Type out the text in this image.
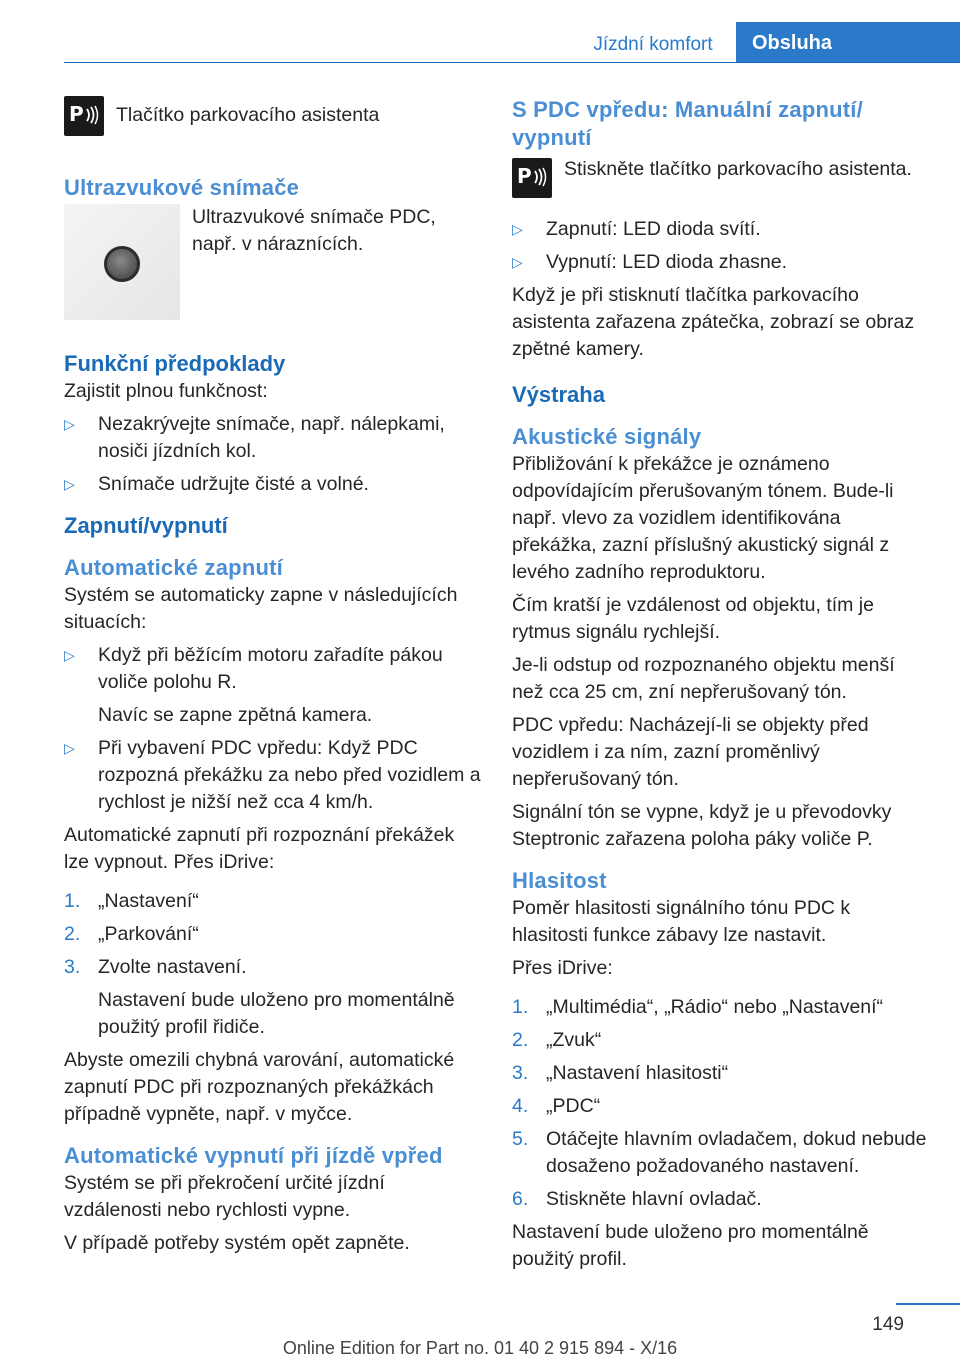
Jízdní komfort	Obsluha
P Tlačítko parkovacího asistenta

Ultrazvukové snímače

Ultrazvukové snímače PDC, např. v náraznících.

Funkční předpoklady

Zajistit plnou funkčnost:

▷	Nezakrývejte snímače, např. nálepkami, nosiči jízdních kol.
▷	Snímače udržujte čisté a volné.
Zapnutí/vypnutí
Automatické zapnutí

Systém se automaticky zapne v následujících situacích:

▷	Když při běžícím motoru zařadíte pákou voliče polohu R.
Navíc se zapne zpětná kamera.
▷	Při vybavení PDC vpředu: Když PDC rozpozná překážku za nebo před vozidlem a rychlost je nižší než cca 4 km/h.

Automatické zapnutí při rozpoznání překážek lze vypnout. Přes iDrive:

1. „Nastavení“
2. „Parkování“
3. Zvolte nastavení.
Nastavení bude uloženo pro momentálně použitý profil řidiče.

Abyste omezili chybná varování, automatické zapnutí PDC při rozpoznaných překážkách případně vypněte, např. v myčce.

Automatické vypnutí při jízdě vpřed

Systém se při překročení určité jízdní vzdálenosti nebo rychlosti vypne.

V případě potřeby systém opět zapněte.

S PDC vpředu: Manuální zapnutí/ vypnutí
P Stiskněte tlačítko parkovacího asistenta.

▷	Zapnutí: LED dioda svítí.
▷	Vypnutí: LED dioda zhasne.

Když je při stisknutí tlačítka parkovacího asistenta zařazena zpátečka, zobrazí se obraz zpětné kamery.

Výstraha
Akustické signály

Přibližování k překážce je oznámeno odpovídajícím přerušovaným tónem. Bude-li např. vlevo za vozidlem identifikována překážka, zazní příslušný akustický signál z levého zadního reproduktoru.

Čím kratší je vzdálenost od objektu, tím je rytmus signálu rychlejší.

Je-li odstup od rozpoznaného objektu menší než cca 25 cm, zní nepřerušovaný tón.

PDC vpředu: Nacházejí-li se objekty před vozidlem i za ním, zazní proměnlivý nepřerušovaný tón.

Signální tón se vypne, když je u převodovky Steptronic zařazena poloha páky voliče P.

Hlasitost

Poměr hlasitosti signálního tónu PDC k hlasitosti funkce zábavy lze nastavit.

Přes iDrive:

1. „Multimédia“, „Rádio“ nebo „Nastavení“
2. „Zvuk“
3. „Nastavení hlasitosti“
4. „PDC“
5. Otáčejte hlavním ovladačem, dokud nebude dosaženo požadovaného nastavení.
6. Stiskněte hlavní ovladač.

Nastavení bude uloženo pro momentálně použitý profil.

149
Online Edition for Part no. 01 40 2 915 894 - X/16
